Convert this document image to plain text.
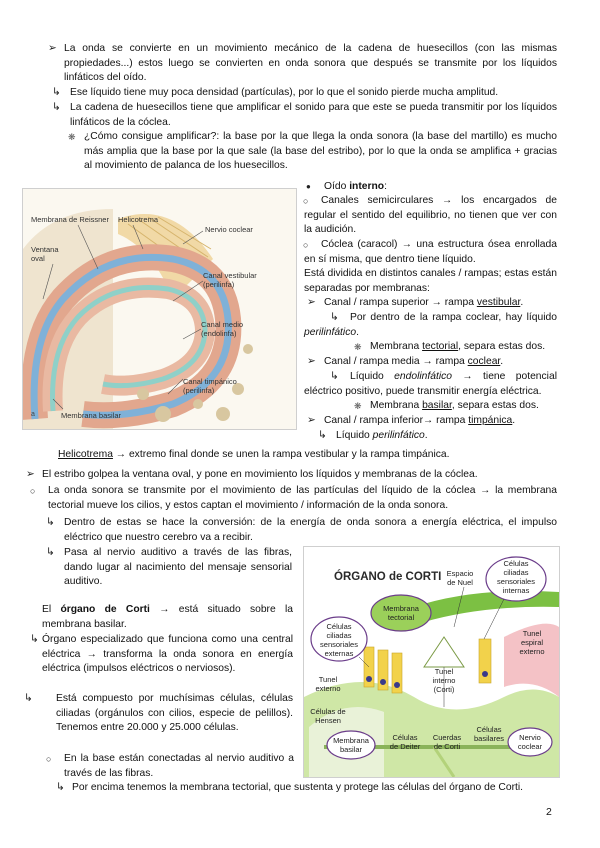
➢ La onda se convierte en un movimiento mecánico de la cadena de huesecillos (con las mismas propiedades...) estos luego se convierten en onda sonora que después se transmite por los líquidos linfáticos del oído.

↳ Ese líquido tiene muy poca densidad (partículas), por lo que el sonido pierde mucha amplitud.

↳ La cadena de huesecillos tiene que amplificar el sonido para que este se pueda transmitir por los líquidos linfáticos de la cóclea.

❋ ¿Cómo consigue amplificar?: la base por la que llega la onda sonora (la base del martillo) es mucho más amplia que la base por la que sale (la base del estribo), por lo que la onda se amplifica + gracias al movimiento de palanca de los huesecillos.

Membrana de Reissner Helicotrema
Nervio coclear
Ventana oval
Canal vestibular (perilinfa)
Canal medio (endolinfa)
Canal timpánico (perilinfa)
Membrana basilar
a
● Oído interno:

Canales semicirculares → los encargados de regular el sentido del equilibrio, no tienen que ver con la audición.

○

Cóclea (caracol) → una estructura ósea enrollada en sí misma, que dentro tiene líquido.

○

Está dividida en distintos canales / rampas; estas están separadas por membranas:

➢ Canal / rampa superior → rampa vestibular.
↳	Por dentro de la rampa coclear, hay líquido perilinfático.

❋ Membrana tectorial, separa estas dos.
➢ Canal / rampa media → rampa coclear.
↳	Líquido endolinfático → tiene potencial eléctrico positivo, puede transmitir energía eléctrica.

❋ Membrana basilar, separa estas dos.
➢ Canal / rampa inferior→ rampa timpánica.
↳ Líquido perilinfático.
Helicotrema → extremo final donde se unen la rampa vestibular y la rampa timpánica.
➢ El estribo golpea la ventana oval, y pone en movimiento los líquidos y membranas de la cóclea.

○ La onda sonora se transmite por el movimiento de las partículas del líquido de la cóclea → la membrana tectorial mueve los cilios, y estos captan el movimiento / información de la onda sonora.

↳ Dentro de estas se hace la conversión: de la energía de onda sonora a energía eléctrica, el impulso eléctrico que nuestro cerebro va a recibir.

↳ Pasa al nervio auditivo a través de las fibras, dando lugar al nacimiento del mensaje sensorial auditivo.

El órgano de Corti → está situado sobre la membrana basilar.
↳ Órgano especializado que funciona como una central eléctrica → transforma la onda sonora en energía eléctrica (impulsos eléctricos o nerviosos).

↳ Está compuesto por muchísimas células, células ciliadas (orgánulos con cilios, especie de pelillos). Tenemos entre 20.000 y 25.000 células.

○ En la base están conectadas al nervio auditivo a través de las fibras.

↳ Por encima tenemos la membrana tectorial, que sustenta y protege las células del órgano de Corti.

ÓRGANO de CORTI Espacio de Nuel
Células ciliadas sensoriales internas
Membrana tectorial
Células ciliadas sensoriales externas
Tunel espiral externo
Tunel externo
Tunel interno (Corti)
Células de Hensen
Membrana basilar
Células de Deiter
Cuerdas de Corti
Células basilares	Nervio coclear
2
